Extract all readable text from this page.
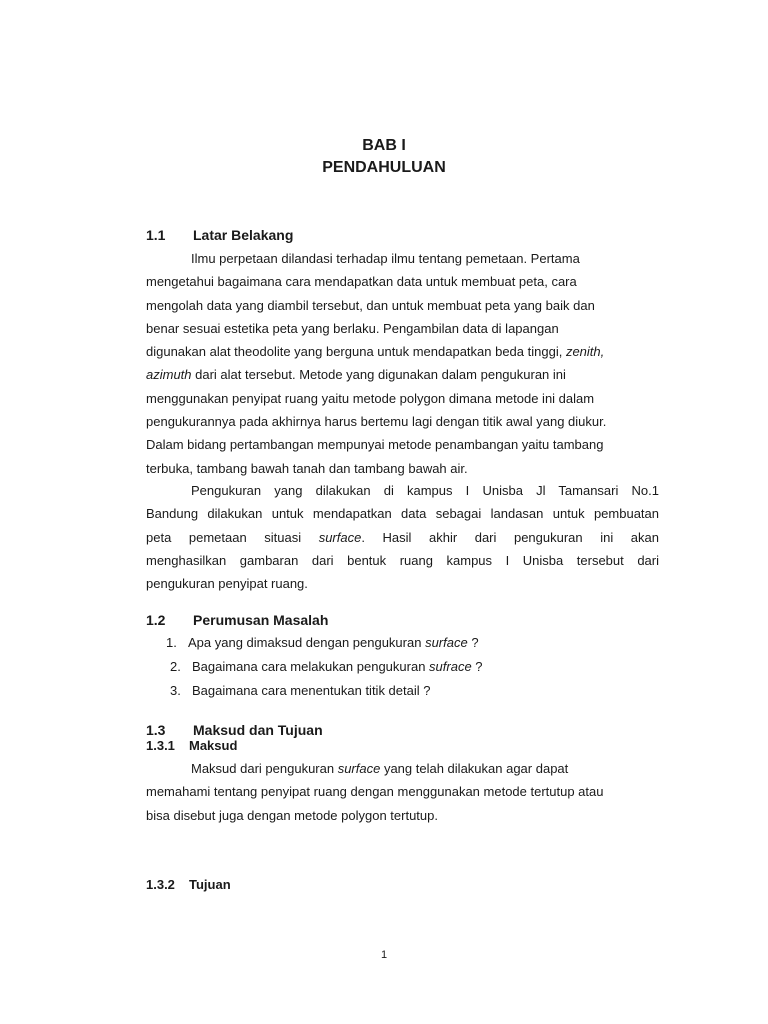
BAB I
PENDAHULUAN
1.1 Latar Belakang
Ilmu perpetaan dilandasi terhadap ilmu tentang pemetaan. Pertama
mengetahui bagaimana cara mendapatkan data untuk membuat peta, cara
mengolah data yang diambil tersebut, dan untuk membuat peta yang baik dan
benar sesuai estetika peta yang berlaku. Pengambilan data di lapangan
digunakan alat theodolite yang berguna untuk mendapatkan beda tinggi, zenith,
azimuth dari alat tersebut. Metode yang digunakan dalam pengukuran ini
menggunakan penyipat ruang yaitu metode polygon dimana metode ini dalam
pengukurannya pada akhirnya harus bertemu lagi dengan titik awal yang diukur.
Dalam bidang pertambangan mempunyai metode penambangan yaitu tambang
terbuka, tambang bawah tanah dan tambang bawah air.
Pengukuran yang dilakukan di kampus I Unisba Jl Tamansari No.1
Bandung dilakukan untuk mendapatkan data sebagai landasan untuk pembuatan
peta pemetaan situasi surface. Hasil akhir dari pengukuran ini akan
menghasilkan gambaran dari bentuk ruang kampus I Unisba tersebut dari
pengukuran penyipat ruang.
1.2 Perumusan Masalah
1. Apa yang dimaksud dengan pengukuran surface ?
2. Bagaimana cara melakukan pengukuran sufrace ?
3. Bagaimana cara menentukan titik detail ?
1.3 Maksud dan Tujuan
1.3.1 Maksud
Maksud dari pengukuran surface yang telah dilakukan agar dapat
memahami tentang penyipat ruang dengan menggunakan metode tertutup atau
bisa disebut juga dengan metode polygon tertutup.
1.3.2 Tujuan
1
